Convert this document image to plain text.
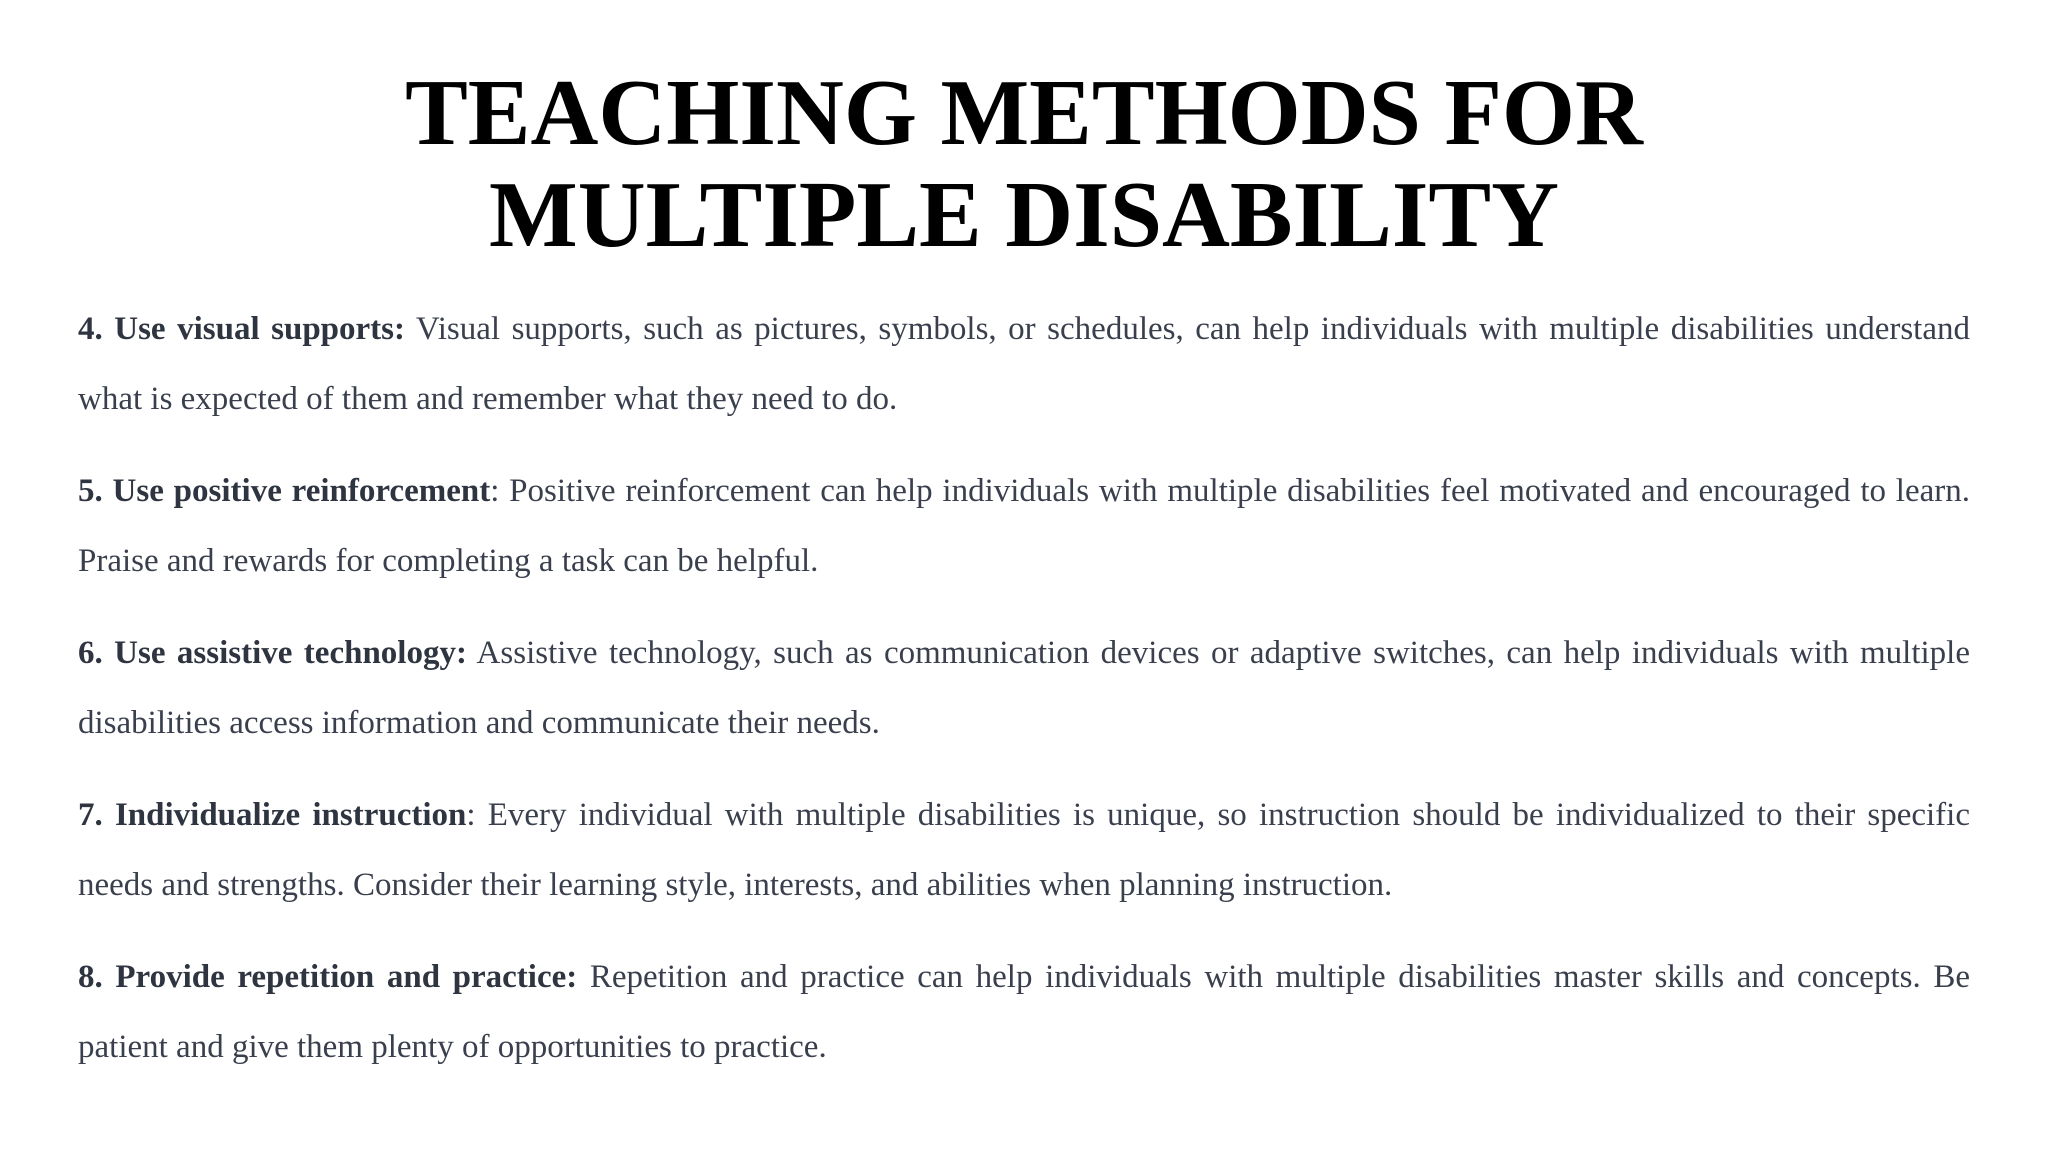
TEACHING METHODS FOR
MULTIPLE DISABILITY

4. Use visual supports: Visual supports, such as pictures, symbols, or schedules, can help individuals with multiple disabilities understand what is expected of them and remember what they need to do.

5. Use positive reinforcement: Positive reinforcement can help individuals with multiple disabilities feel motivated and encouraged to learn. Praise and rewards for completing a task can be helpful.

6. Use assistive technology: Assistive technology, such as communication devices or adaptive switches, can help individuals with multiple disabilities access information and communicate their needs.

7. Individualize instruction: Every individual with multiple disabilities is unique, so instruction should be individualized to their specific needs and strengths. Consider their learning style, interests, and abilities when planning instruction.

8. Provide repetition and practice: Repetition and practice can help individuals with multiple disabilities master skills and concepts. Be patient and give them plenty of opportunities to practice.
